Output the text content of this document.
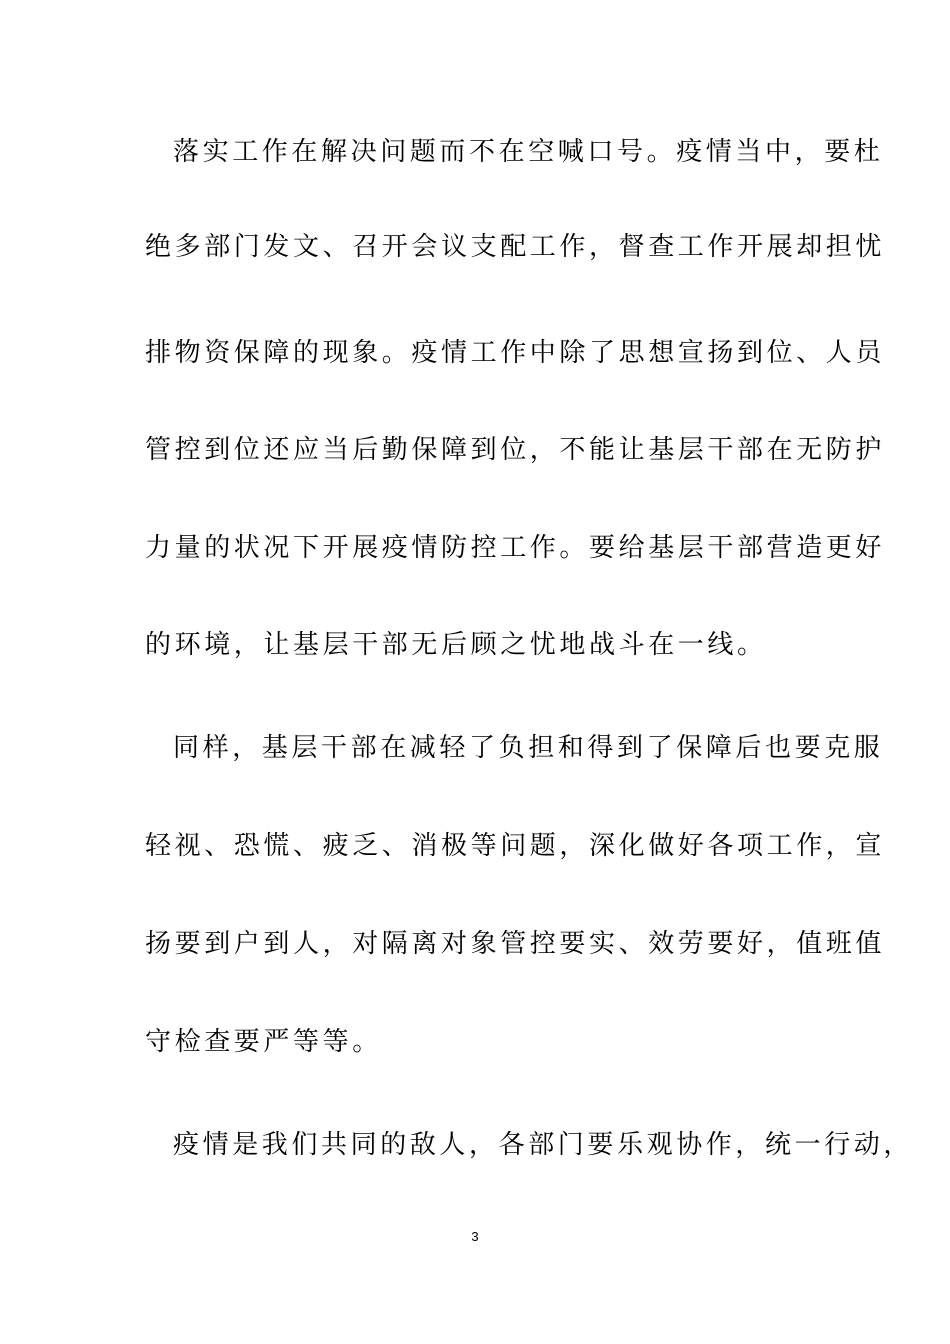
落实工作在解决问题而不在空喊口号。疫情当中，要杜
绝多部门发文、召开会议支配工作，督查工作开展却担忧
排物资保障的现象。疫情工作中除了思想宣扬到位、人员
管控到位还应当后勤保障到位，不能让基层干部在无防护
力量的状况下开展疫情防控工作。要给基层干部营造更好
的环境，让基层干部无后顾之忧地战斗在一线。
同样，基层干部在减轻了负担和得到了保障后也要克服
轻视、恐慌、疲乏、消极等问题，深化做好各项工作，宣
扬要到户到人，对隔离对象管控要实、效劳要好，值班值
守检查要严等等。
疫情是我们共同的敌人，各部门要乐观协作，统一行动，
3
